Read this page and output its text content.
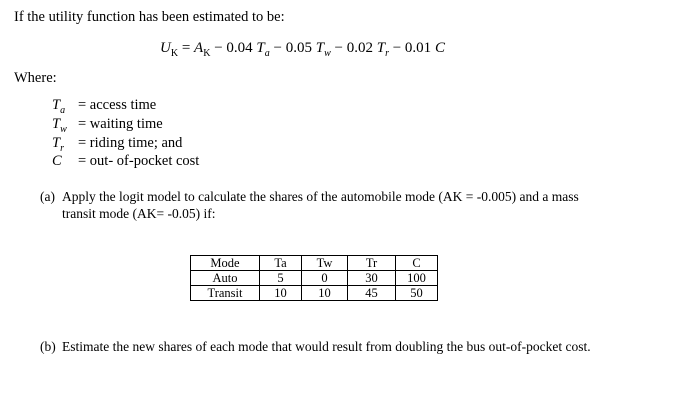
If the utility function has been estimated to be:
$U_K = A_K - 0.04$ $T_a - 0.05$ $T_w - 0.02$ $T_r - 0.01$ C
Where:
$T_a$ = access time
$T_w$ = waiting time
$T_r$ = riding time; and
C = out- of-pocket cost
(a) Apply the logit model to calculate the shares of the automobile mode (AK = -0.005) and a mass
transit mode (AK= -0.05) if:
Mode	Ta	Tw	Tr	C
Auto	5	0	30	100
Transit	10	10	45	50
(b) Estimate the new shares of each mode that would result from doubling the bus out-of-pocket cost.
